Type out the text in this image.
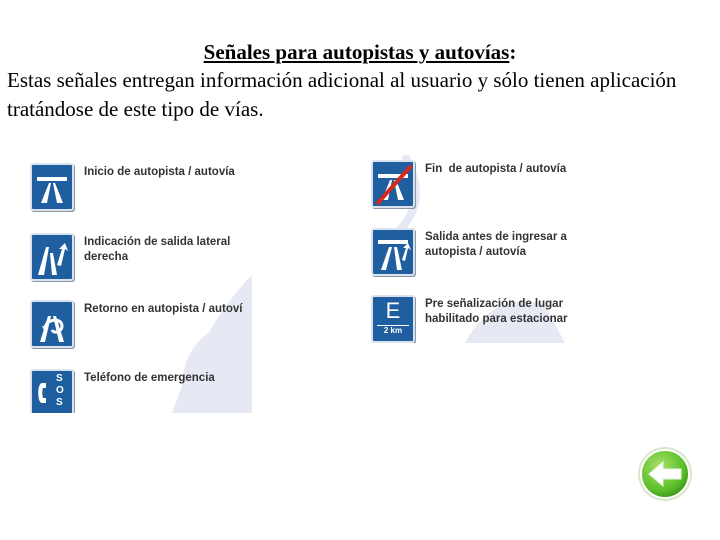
Señales para autopistas y autovías:
Estas señales entregan información adicional al usuario y sólo tienen aplicación tratándose de este tipo de vías.
Inicio de autopista / autovía
Indicación de salida lateral
derecha
Retorno en autopista / autoví
SOS
Teléfono de emergencia
Fin  de autopista / autovía
Salida antes de ingresar a
autopista / autovía
E
2 km
Pre señalización de lugar
habilitado para estacionar
